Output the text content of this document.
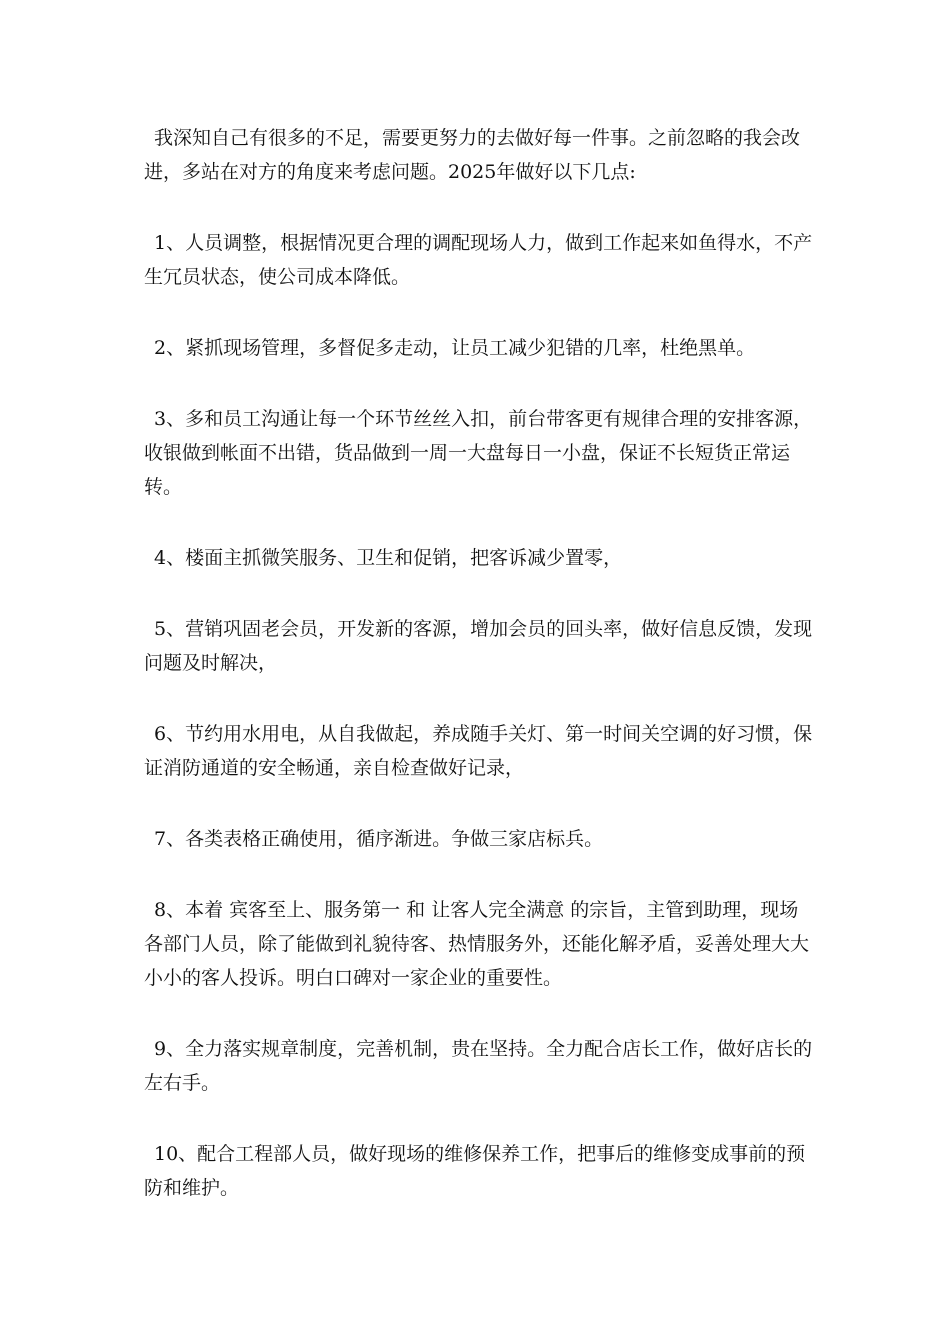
我深知自己有很多的不足，需要更努力的去做好每一件事。之前忽略的我会改进，多站在对方的角度来考虑问题。2025年做好以下几点:

1、人员调整，根据情况更合理的调配现场人力，做到工作起来如鱼得水，不产生冗员状态，使公司成本降低。

2、紧抓现场管理，多督促多走动，让员工减少犯错的几率，杜绝黑单。

3、多和员工沟通让每一个环节丝丝入扣，前台带客更有规律合理的安排客源，收银做到帐面不出错，货品做到一周一大盘每日一小盘，保证不长短货正常运转。

4、楼面主抓微笑服务、卫生和促销，把客诉减少置零，

5、营销巩固老会员，开发新的客源，增加会员的回头率，做好信息反馈，发现问题及时解决，

6、节约用水用电，从自我做起，养成随手关灯、第一时间关空调的好习惯，保证消防通道的安全畅通，亲自检查做好记录，

7、各类表格正确使用，循序渐进。争做三家店标兵。

8、本着 宾客至上、服务第一 和 让客人完全满意 的宗旨，主管到助理，现场各部门人员，除了能做到礼貌待客、热情服务外，还能化解矛盾，妥善处理大大小小的客人投诉。明白口碑对一家企业的重要性。

9、全力落实规章制度，完善机制，贵在坚持。全力配合店长工作，做好店长的左右手。

10、配合工程部人员，做好现场的维修保养工作，把事后的维修变成事前的预防和维护。
